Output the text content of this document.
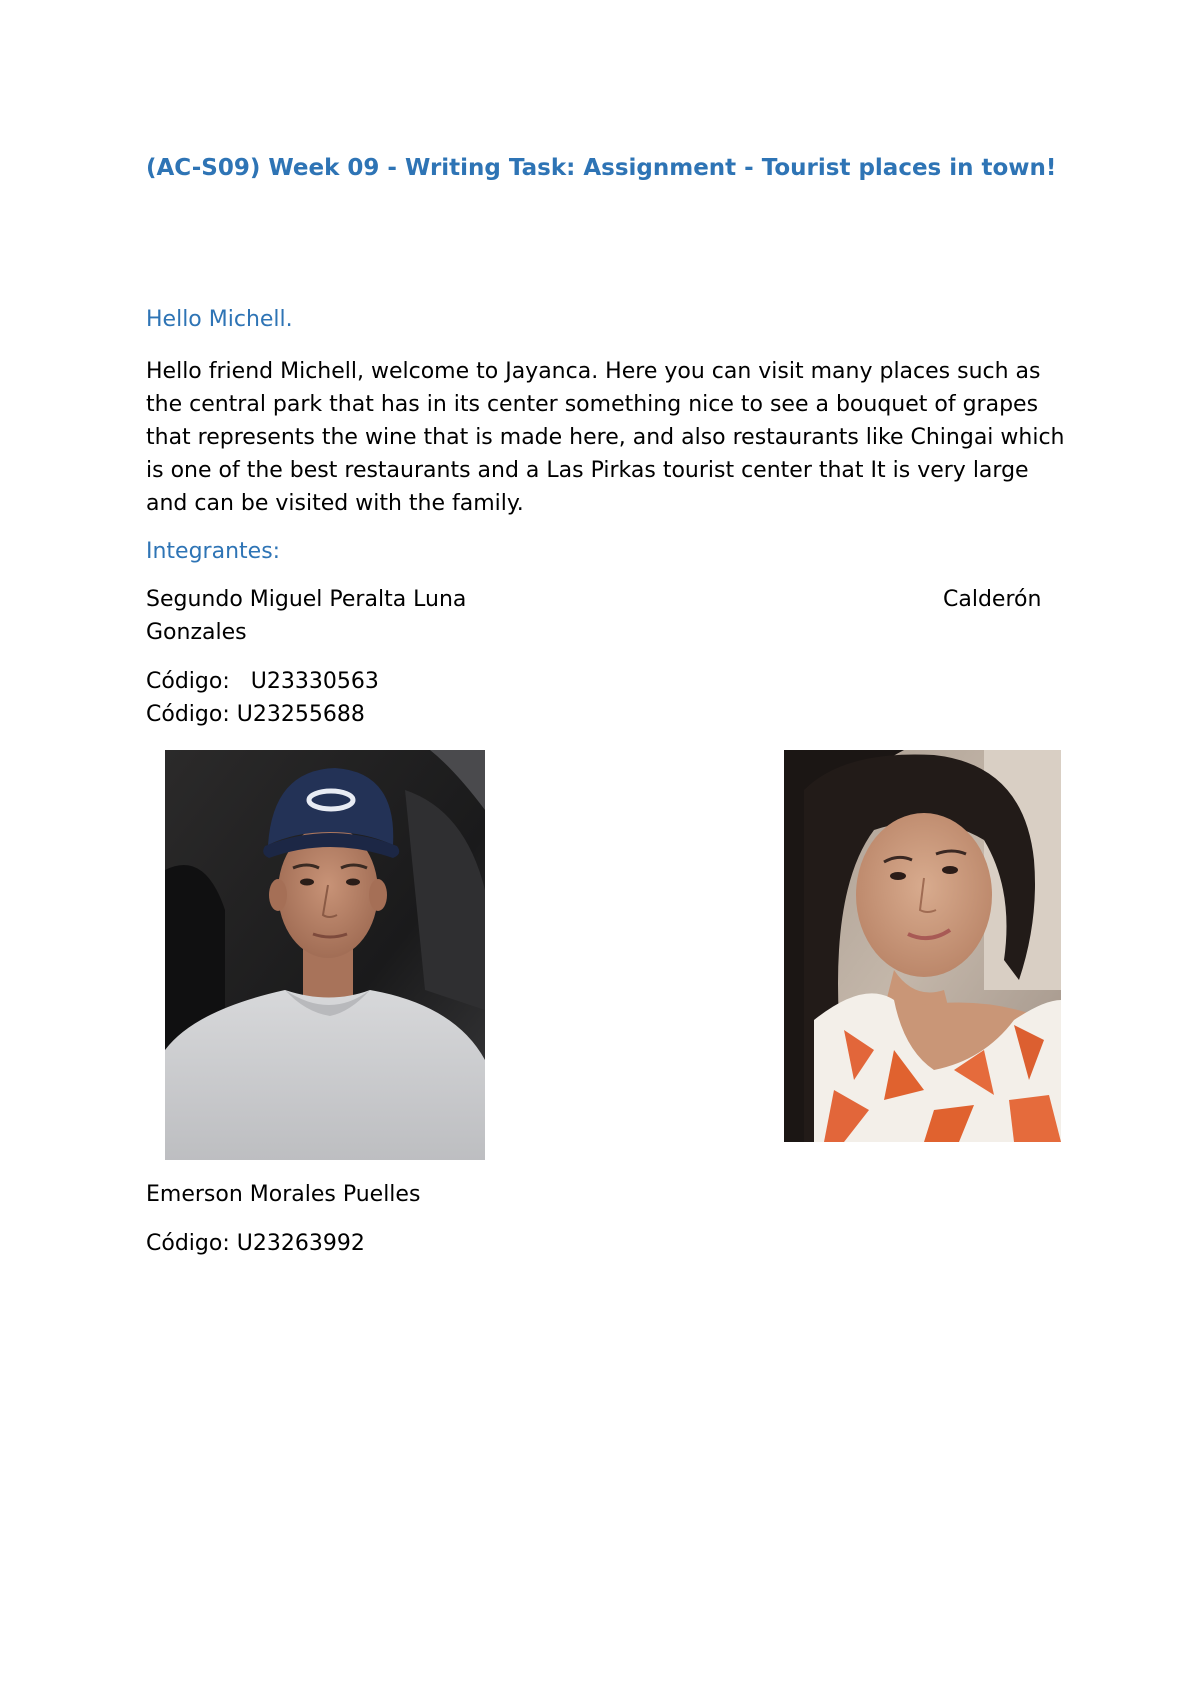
(AC-S09) Week 09 - Writing Task: Assignment - Tourist places in town!

Hello Michell.

Hello friend Michell, welcome to Jayanca. Here you can visit many places such as the central park that has in its center something nice to see a bouquet of grapes that represents the wine that is made here, and also restaurants like Chingai which is one of the best restaurants and a Las Pirkas tourist center that It is very large and can be visited with the family.

Integrantes:

Segundo Miguel Peralta Luna	Calderón

Gonzales

Código: U23330563

Código: U23255688

Emerson Morales Puelles

Código: U23263992
